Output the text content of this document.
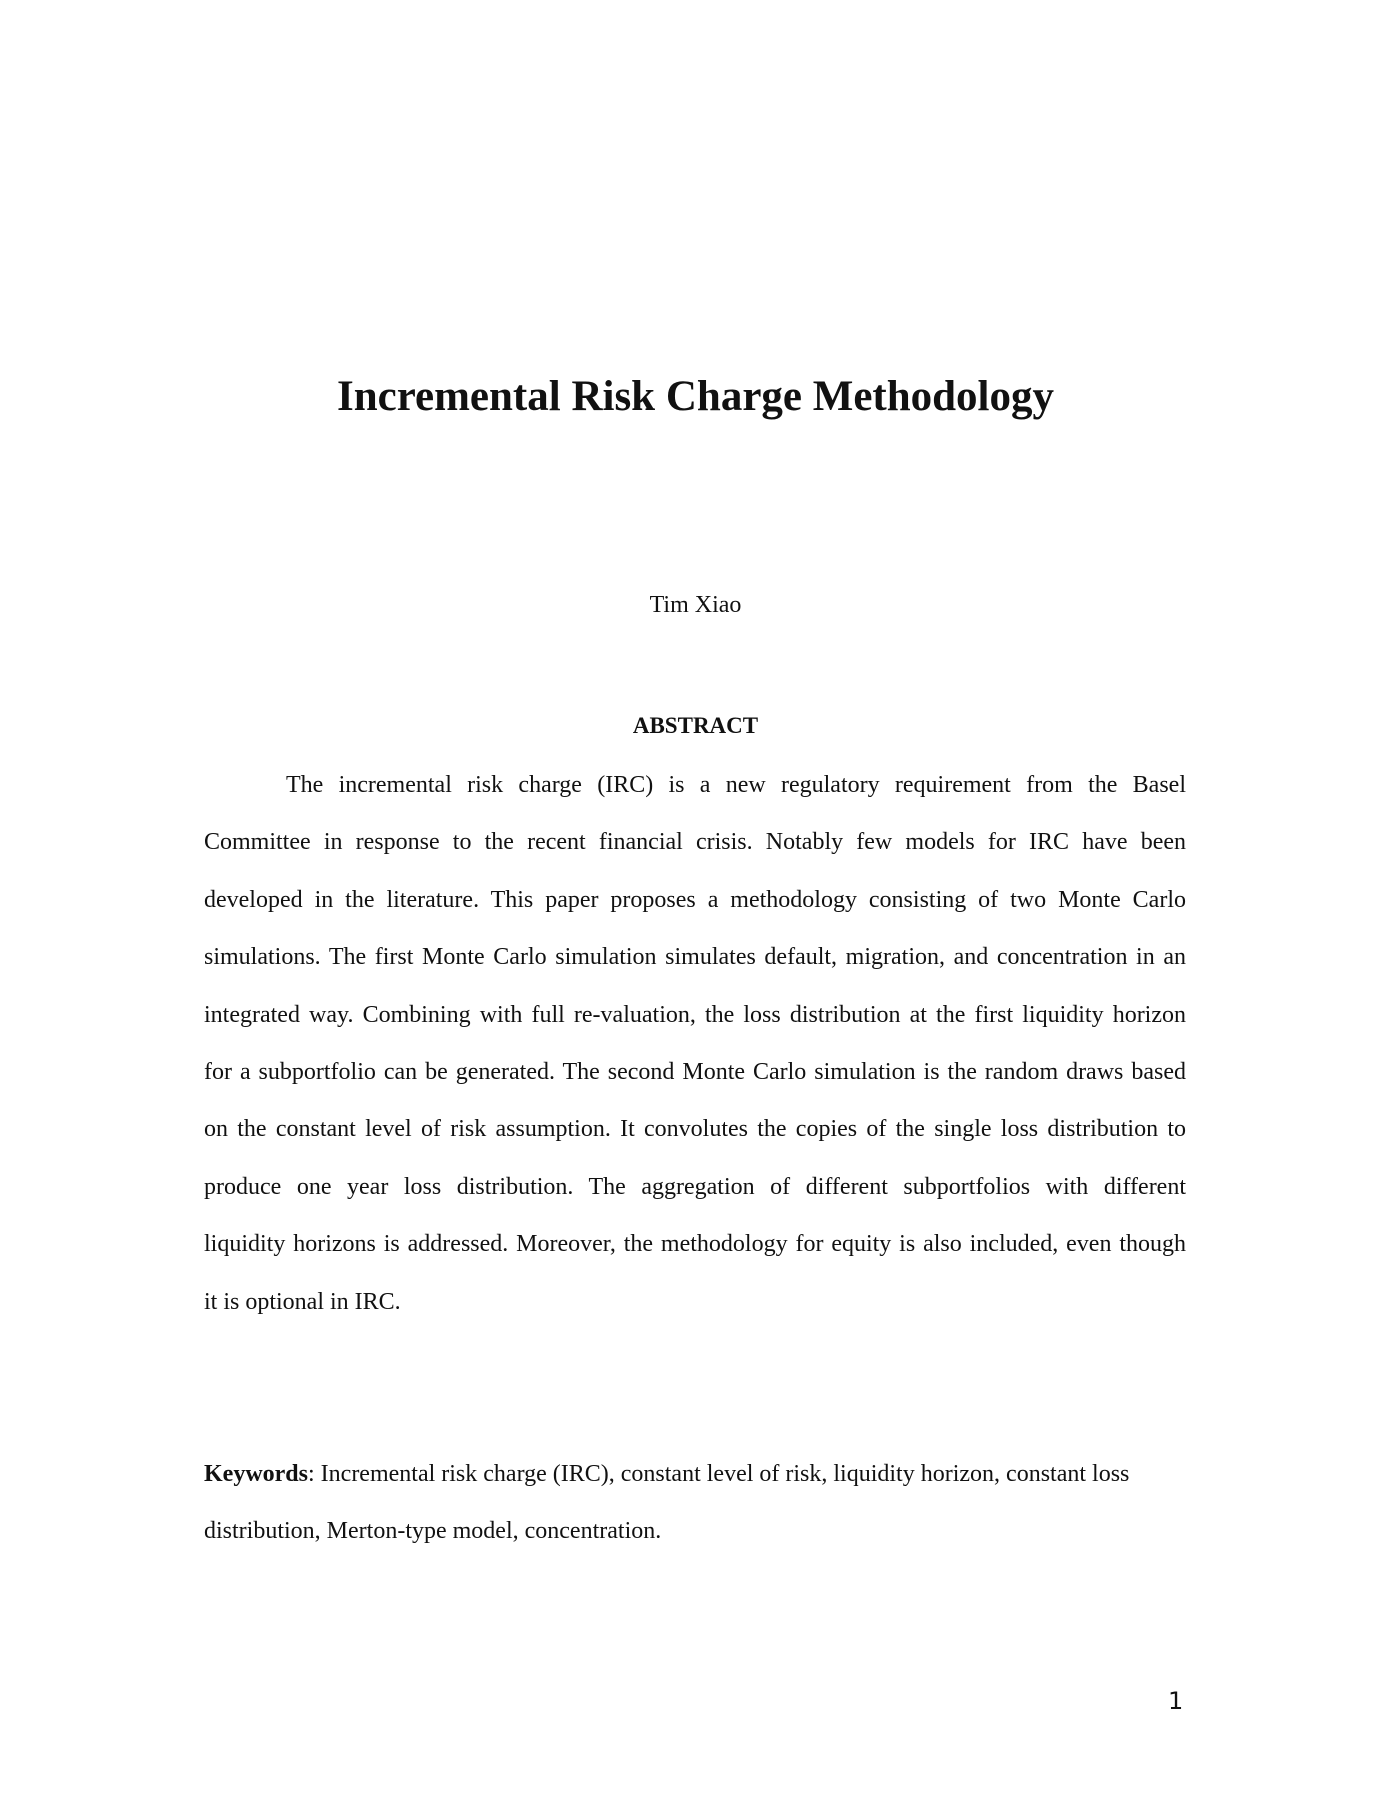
Incremental Risk Charge Methodology
Tim Xiao
ABSTRACT
The incremental risk charge (IRC) is a new regulatory requirement from the Basel
Committee in response to the recent financial crisis. Notably few models for IRC have been
developed in the literature. This paper proposes a methodology consisting of two Monte Carlo
simulations. The first Monte Carlo simulation simulates default, migration, and concentration in an
integrated way. Combining with full re-valuation, the loss distribution at the first liquidity horizon
for a subportfolio can be generated. The second Monte Carlo simulation is the random draws based
on the constant level of risk assumption. It convolutes the copies of the single loss distribution to
produce one year loss distribution. The aggregation of different subportfolios with different
liquidity horizons is addressed. Moreover, the methodology for equity is also included, even though
it is optional in IRC.
Keywords: Incremental risk charge (IRC), constant level of risk, liquidity horizon, constant loss
distribution, Merton-type model, concentration.
1
